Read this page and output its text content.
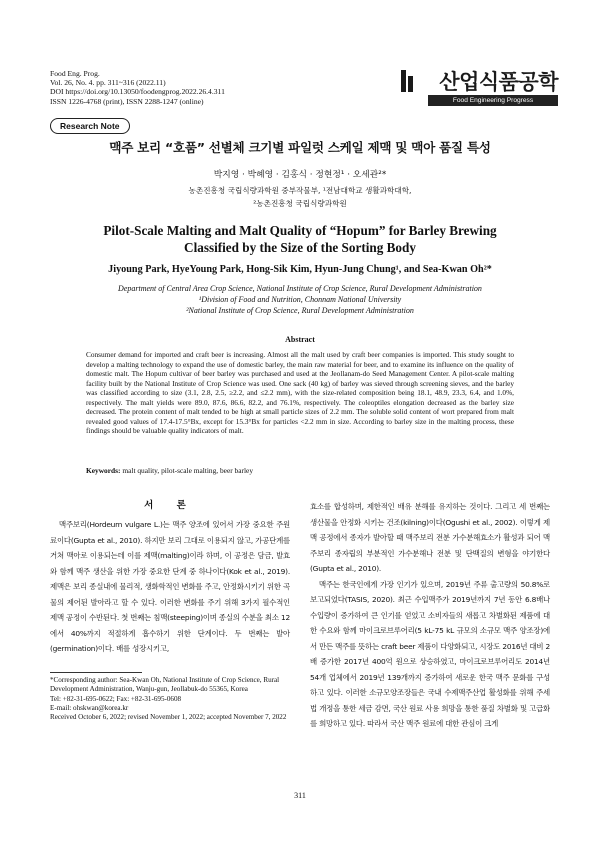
Food Eng. Prog.
Vol. 26, No. 4. pp. 311~316 (2022.11)
DOI https://doi.org/10.13050/foodengprog.2022.26.4.311
ISSN 1226-4768 (print), ISSN 2288-1247 (online)
산업식품공학
Food Engineering Progress
Research Note
맥주 보리 “호품” 선별체 크기별 파일럿 스케일 제맥 및 맥아 품질 특성
박지영 · 박혜영 · 김홍식 · 정현정¹ · 오세관²*
농촌진흥청 국립식량과학원 중부작물부, ¹전남대학교 생활과학대학,
²농촌진흥청 국립식량과학원
Pilot-Scale Malting and Malt Quality of “Hopum” for Barley Brewing
Classified by the Size of the Sorting Body
Jiyoung Park, HyeYoung Park, Hong-Sik Kim, Hyun-Jung Chung¹, and Sea-Kwan Oh²*
Department of Central Area Crop Science, National Institute of Crop Science, Rural Development Administration
¹Division of Food and Nutrition, Chonnam National University
²National Institute of Crop Science, Rural Development Administration
Abstract
Consumer demand for imported and craft beer is increasing. Almost all the malt used by craft beer companies is imported. This study sought to develop a malting technology to expand the use of domestic barley, the main raw material for beer, and to examine its influence on the quality of domestic malt. The Hopum cultivar of beer barley was purchased and used at the Jeollanam-do Seed Management Center. A pilot-scale malting facility built by the National Institute of Crop Science was used. One sack (40 kg) of barley was sieved through screening sieves, and the barley was classified according to size (3.1, 2.8, 2.5, ≥2.2, and ≤2.2 mm), with the size-related composition being 18.1, 48.9, 23.3, 6.4, and 1.0%, respectively. The malt yields were 89.0, 87.6, 86.6, 82.2, and 76.1%, respectively. The coleoptiles elongation decreased as the barley size decreased. The protein content of malt tended to be high at small particle sizes of 2.2 mm. The soluble solid content of wort prepared from malt revealed good values of 17.4-17.5°Bx, except for 15.3°Bx for particles <2.2 mm in size. According to barley size in the malting process, these findings should be valuable quality indicators of malt.
Keywords: malt quality, pilot-scale malting, beer barley
서 론

맥주보리(Hordeum vulgare L.)는 맥주 양조에 있어서 가장 중요한 주원료이다(Gupta et al., 2010). 하지만 보리 그대로 이용되지 않고, 가공단계를 거쳐 맥아로 이용되는데 이를 제맥(malting)이라 하며, 이 공정은 담금, 발효와 함께 맥주 생산을 위한 가장 중요한 단계 중 하나이다(Kok et al., 2019). 제맥은 보리 종실내에 물리적, 생화학적인 변화를 주고, 안정화시키기 위한 곡물의 제어된 발아라고 할 수 있다. 이러한 변화를 주기 위해 3가지 필수적인 제맥 공정이 수반된다. 첫 번째는 침맥(steeping)이며 종실의 수분을 최소 12에서 40%까지 적절하게 흡수하기 위한 단계이다. 두 번째는 발아(germination)이다. 배를 성장시키고,

효소를 합성하며, 제한적인 배유 분해를 유지하는 것이다. 그리고 세 번째는 생산물을 안정화 시키는 건조(kilning)이다(Ogushi et al., 2002). 이렇게 제맥 공정에서 종자가 발아할 때 맥주보리 전분 가수분해효소가 활성과 되어 맥주보리 종자립의 부분적인 가수분해나 전분 및 단백질의 변형을 야기한다(Gupta et al., 2010).

맥주는 한국인에게 가장 인기가 있으며, 2019년 주류 출고량의 50.8%로 보고되었다(TASIS, 2020). 최근 수입맥주가 2019년까지 7년 동안 6.8배나 수입량이 증가하여 큰 인기를 얻었고 소비자들의 새롭고 차별화된 제품에 대한 수요와 함께 마이크로브루어리(5 kL-75 kL 규모의 소규모 맥주 양조장)에서 만든 맥주를 뜻하는 craft beer 제품이 다양화되고, 시장도 2016년 대비 2배 증가한 2017년 400억 원으로 상승하였고, 마이크로브루어리도 2014년 54개 업체에서 2019년 139개까지 증가하여 새로운 한국 맥주 문화를 구성하고 있다. 이러한 소규모양조장들은 국내 수제맥주산업 활성화를 위해 주세법 개정을 통한 세금 감면, 국산 원료 사용 희망을 통한 품질 차별화 및 고급화를 희망하고 있다. 따라서 국산 맥주 원료에 대한 관심이 크게

*Corresponding author: Sea-Kwan Oh, National Institute of Crop Science, Rural Development Administration, Wanju-gun, Jeollabuk-do 55365, Korea
Tel: +82-31-695-0622; Fax: +82-31-695-0608
E-mail: ohskwan@korea.kr
Received October 6, 2022; revised November 1, 2022; accepted November 7, 2022
311
